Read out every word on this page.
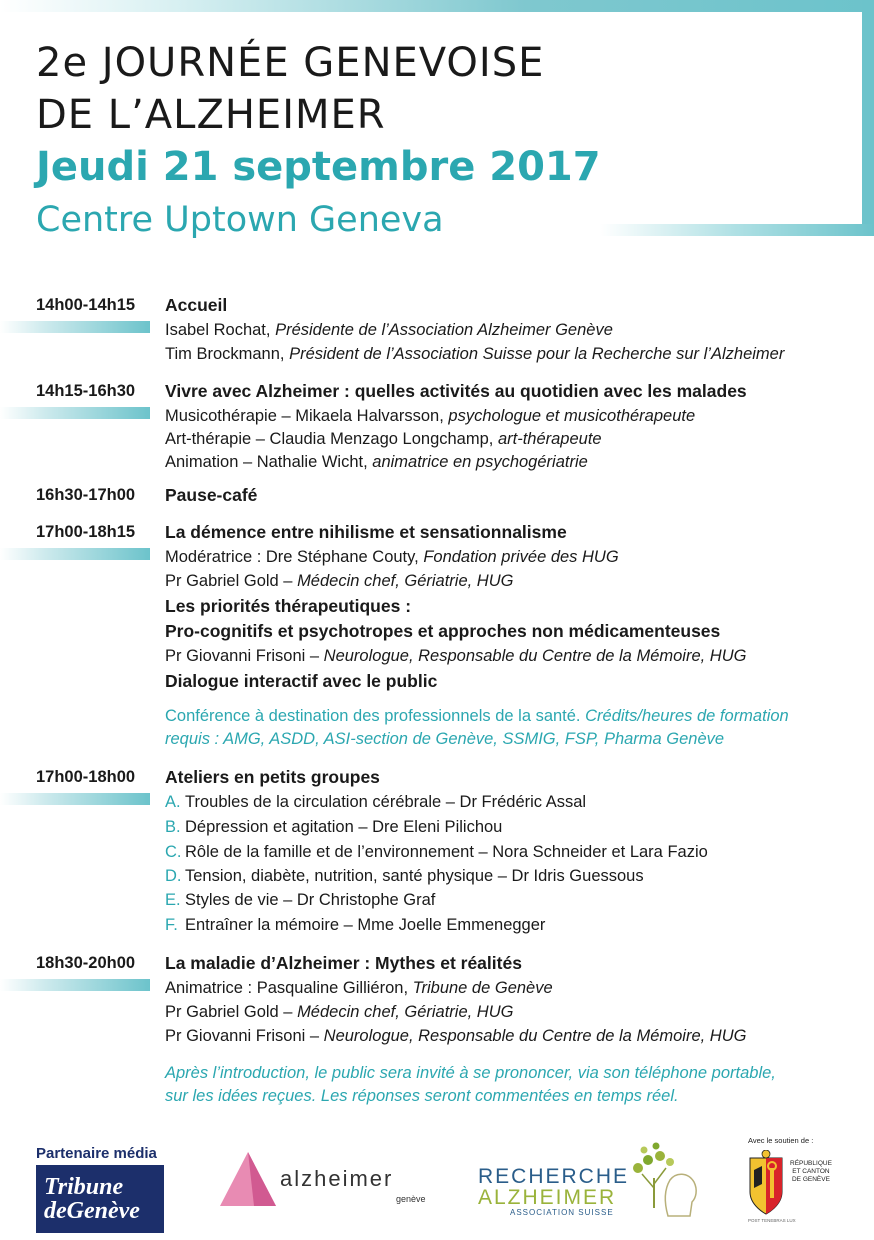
2e JOURNÉE GENEVOISE
DE L’ALZHEIMER
Jeudi 21 septembre 2017
Centre Uptown Geneva
14h00-14h15 Accueil
Isabel Rochat, Présidente de l’Association Alzheimer Genève
Tim Brockmann, Président de l’Association Suisse pour la Recherche sur l’Alzheimer
14h15-16h30 Vivre avec Alzheimer : quelles activités au quotidien avec les malades
Musicothérapie – Mikaela Halvarsson, psychologue et musicothérapeute
Art-thérapie – Claudia Menzago Longchamp, art-thérapeute
Animation – Nathalie Wicht, animatrice en psychogériatrie
16h30-17h00 Pause-café
17h00-18h15 La démence entre nihilisme et sensationnalisme
Modératrice : Dre Stéphane Couty, Fondation privée des HUG
Pr Gabriel Gold – Médecin chef, Gériatrie, HUG
Les priorités thérapeutiques :
Pro-cognitifs et psychotropes et approches non médicamenteuses
Pr Giovanni Frisoni – Neurologue, Responsable du Centre de la Mémoire, HUG
Dialogue interactif avec le public
Conférence à destination des professionnels de la santé. Crédits/heures de formation
requis : AMG, ASDD, ASI-section de Genève, SSMIG, FSP, Pharma Genève
17h00-18h00 Ateliers en petits groupes
A. Troubles de la circulation cérébrale – Dr Frédéric Assal
B. Dépression et agitation – Dre Eleni Pilichou
C. Rôle de la famille et de l’environnement – Nora Schneider et Lara Fazio
D. Tension, diabète, nutrition, santé physique – Dr Idris Guessous
E. Styles de vie – Dr Christophe Graf
F. Entraîner la mémoire – Mme Joelle Emmenegger
18h30-20h00 La maladie d’Alzheimer : Mythes et réalités
Animatrice : Pasqualine Gilliéron, Tribune de Genève
Pr Gabriel Gold – Médecin chef, Gériatrie, HUG
Pr Giovanni Frisoni – Neurologue, Responsable du Centre de la Mémoire, HUG
Après l’introduction, le public sera invité à se prononcer, via son téléphone portable,
sur les idées reçues. Les réponses seront commentées en temps réel.
Partenaire média
Tribune
deGenève
alzheimer
genève
RECHERCHE
ALZHEIMER
ASSOCIATION SUISSE
Avec le soutien de :
RÉPUBLIQUE
ET CANTON
DE GENÈVE
POST TENEBRAS LUX
